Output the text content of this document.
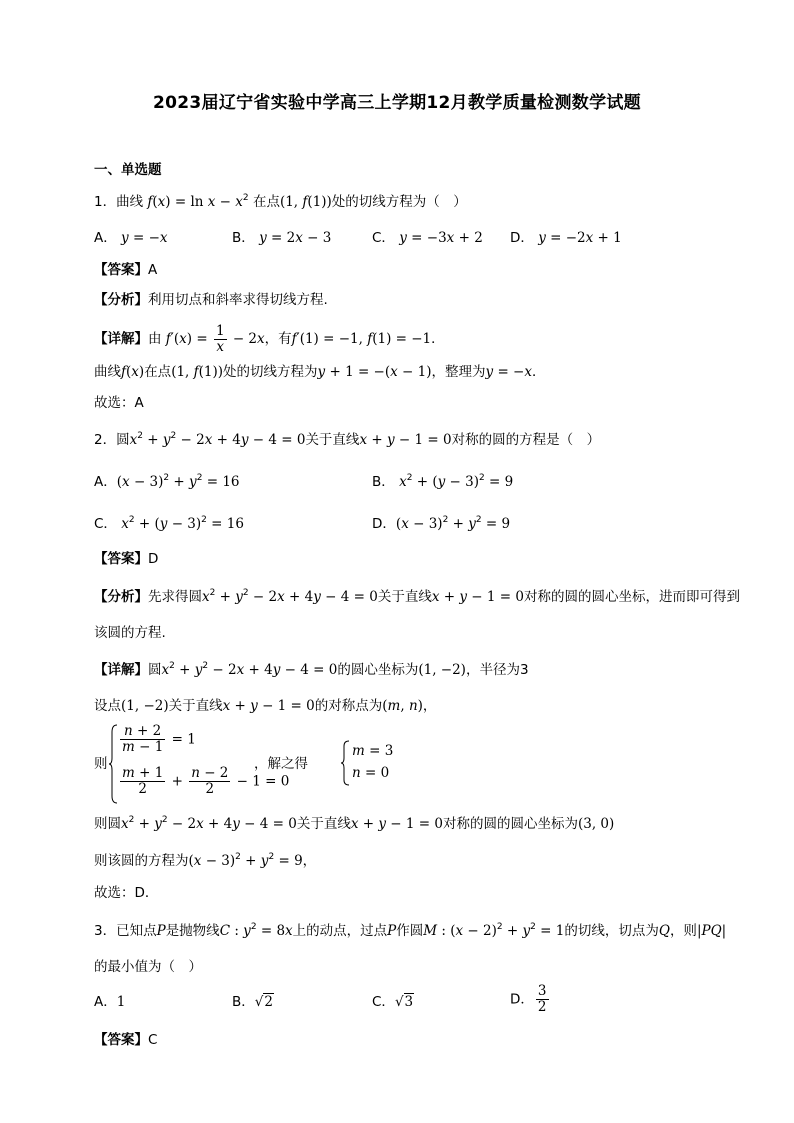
2023届辽宁省实验中学高三上学期12月教学质量检测数学试题
一、单选题
1．曲线 $f(x) = \ln x - x^2$ 在点(1, f(1))处的切线方程为（　）
A． y = −x	B． y = 2x − 3	C． y = −3x + 2 D． y = −2x + 1
【答案】A
【分析】利用切点和斜率求得切线方程.
【详解】由 $f'(x) = \frac{1}{x} - 2x$，有f′(1) = −1, f(1) = −1．
曲线f(x)在点(1, f(1))处的切线方程为y + 1 = −(x − 1)，整理为y = −x．
故选：A
2．圆$x^2 + y^2 - 2x + 4y - 4 = 0$关于直线x + y − 1 = 0对称的圆的方程是（　）
A．$(x - 3)^2 + y^2 = 16$	B． $x^2 + (y - 3)^2 = 9$
C． $x^2 + (y - 3)^2 = 16$	D．$(x - 3)^2 + y^2 = 9$
【答案】D
【分析】先求得圆$x^2 + y^2 - 2x + 4y - 4 = 0$关于直线x + y − 1 = 0对称的圆的圆心坐标，进而即可得到
该圆的方程.
【详解】圆$x^2 + y^2 - 2x + 4y - 4 = 0$的圆心坐标为(1, −2)，半径为3
设点(1, −2)关于直线x + y − 1 = 0的对称点为(m, n)，
则
$\frac{n + 2}{m - 1} = 1$
$\frac{m + 1}{2} + \frac{n - 2}{2} - 1 = 0$
，解之得
m = 3
n = 0
则圆$x^2 + y^2 - 2x + 4y - 4 = 0$关于直线x + y − 1 = 0对称的圆的圆心坐标为(3, 0)
则该圆的方程为$(x - 3)^2 + y^2 = 9$，
故选：D．
3．已知点P是抛物线C : $y^2 = 8x$上的动点，过点P作圆M : $(x - 2)^2 + y^2 = 1$的切线，切点为Q，则|PQ|
的最小值为（　）
A．1	B．√2	C．√3	D． $\frac{3}{2}$
【答案】C
